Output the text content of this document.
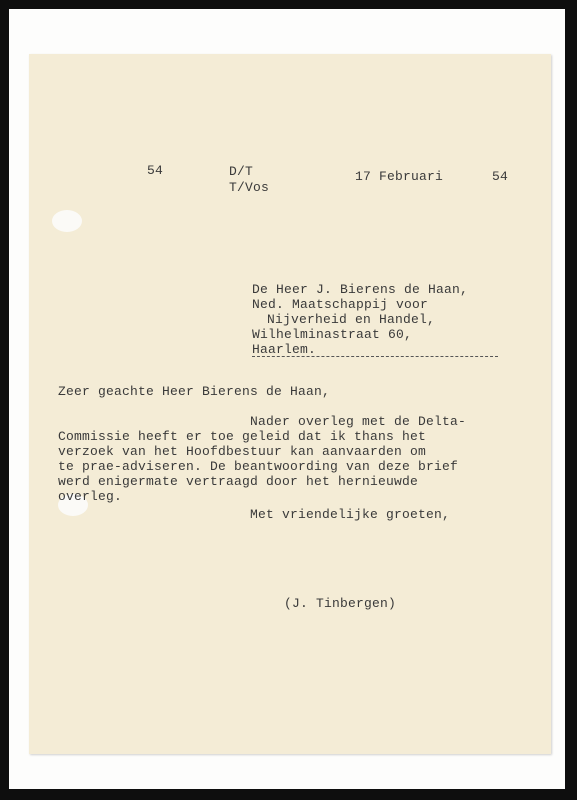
54	D/T
T/Vos
17 Februari	54
De Heer J. Bierens de Haan,
Ned. Maatschappij voor
Nijverheid en Handel,
Wilhelminastraat 60,
Haarlem.
Zeer geachte Heer Bierens de Haan,
Nader overleg met de Delta-
Commissie heeft er toe geleid dat ik thans het
verzoek van het Hoofdbestuur kan aanvaarden om
te prae-adviseren. De beantwoording van deze brief
werd enigermate vertraagd door het hernieuwde
overleg.
Met vriendelijke groeten,
(J. Tinbergen)
